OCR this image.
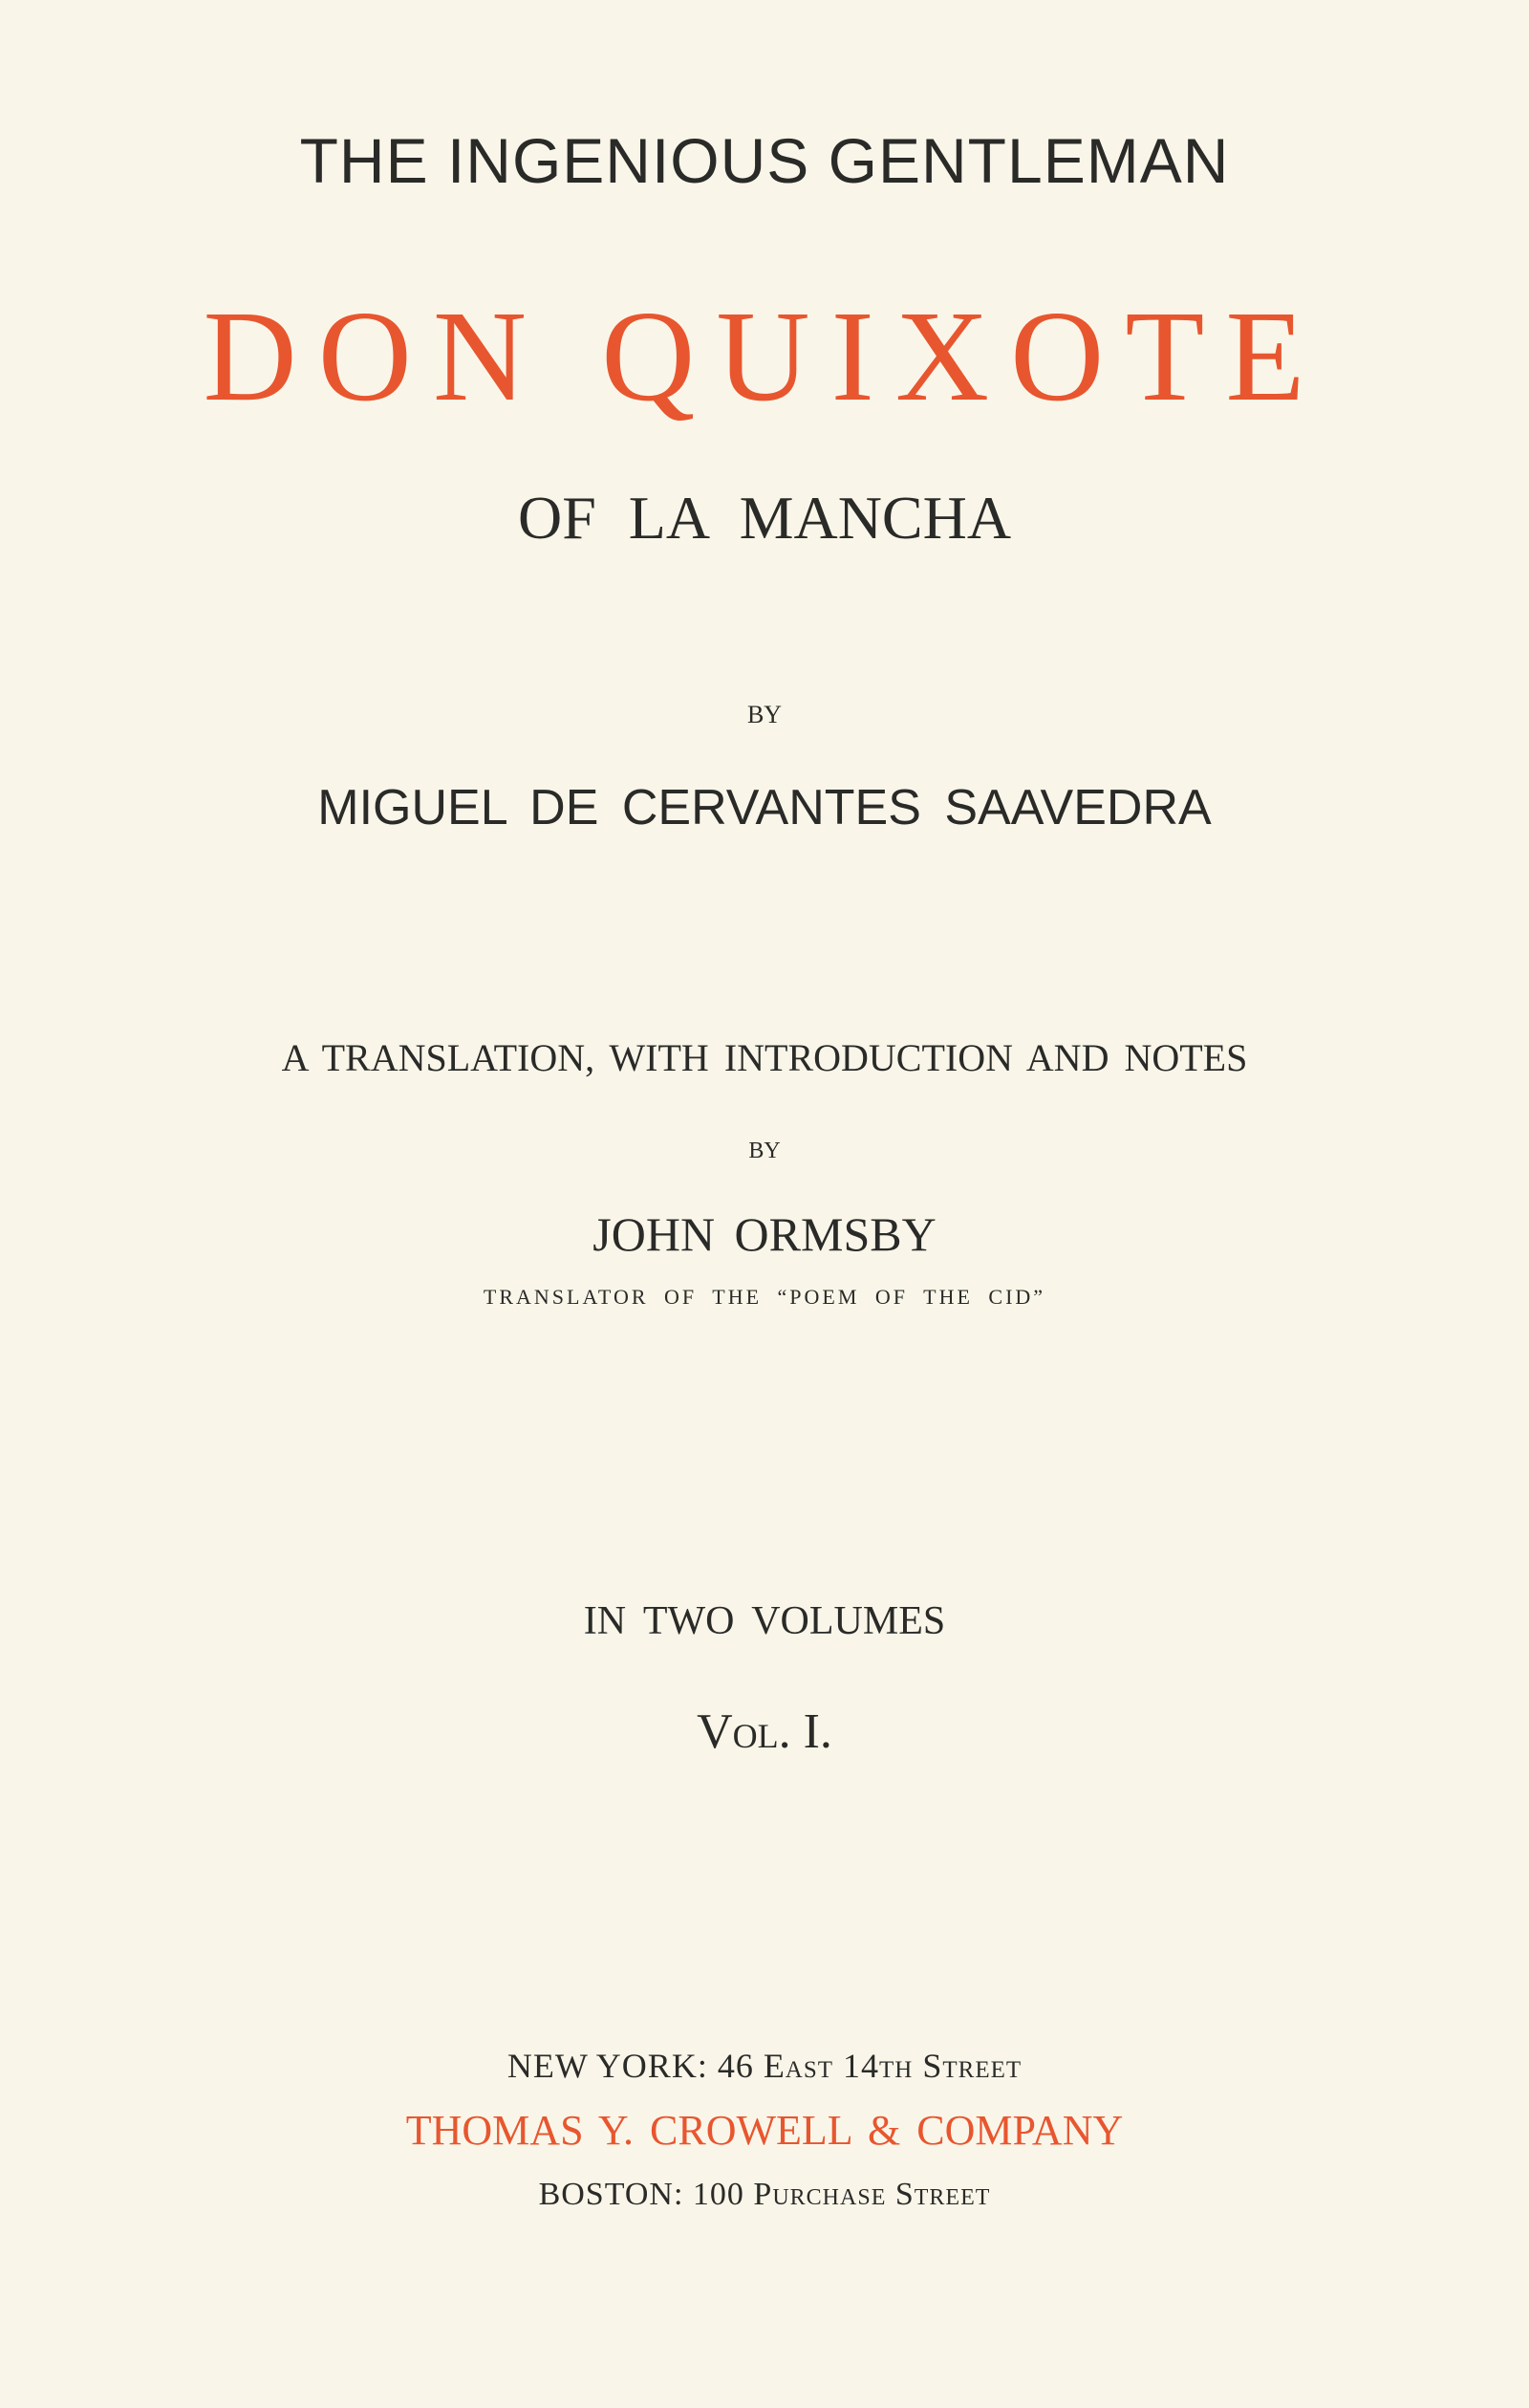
THE INGENIOUS GENTLEMAN
DON QUIXOTE
OF LA MANCHA
BY
MIGUEL DE CERVANTES SAAVEDRA
A TRANSLATION, WITH INTRODUCTION AND NOTES
BY
JOHN ORMSBY
TRANSLATOR OF THE “POEM OF THE CID”
IN TWO VOLUMES
Vol. I.
NEW YORK: 46 East 14th Street
THOMAS Y. CROWELL & COMPANY
BOSTON: 100 Purchase Street
